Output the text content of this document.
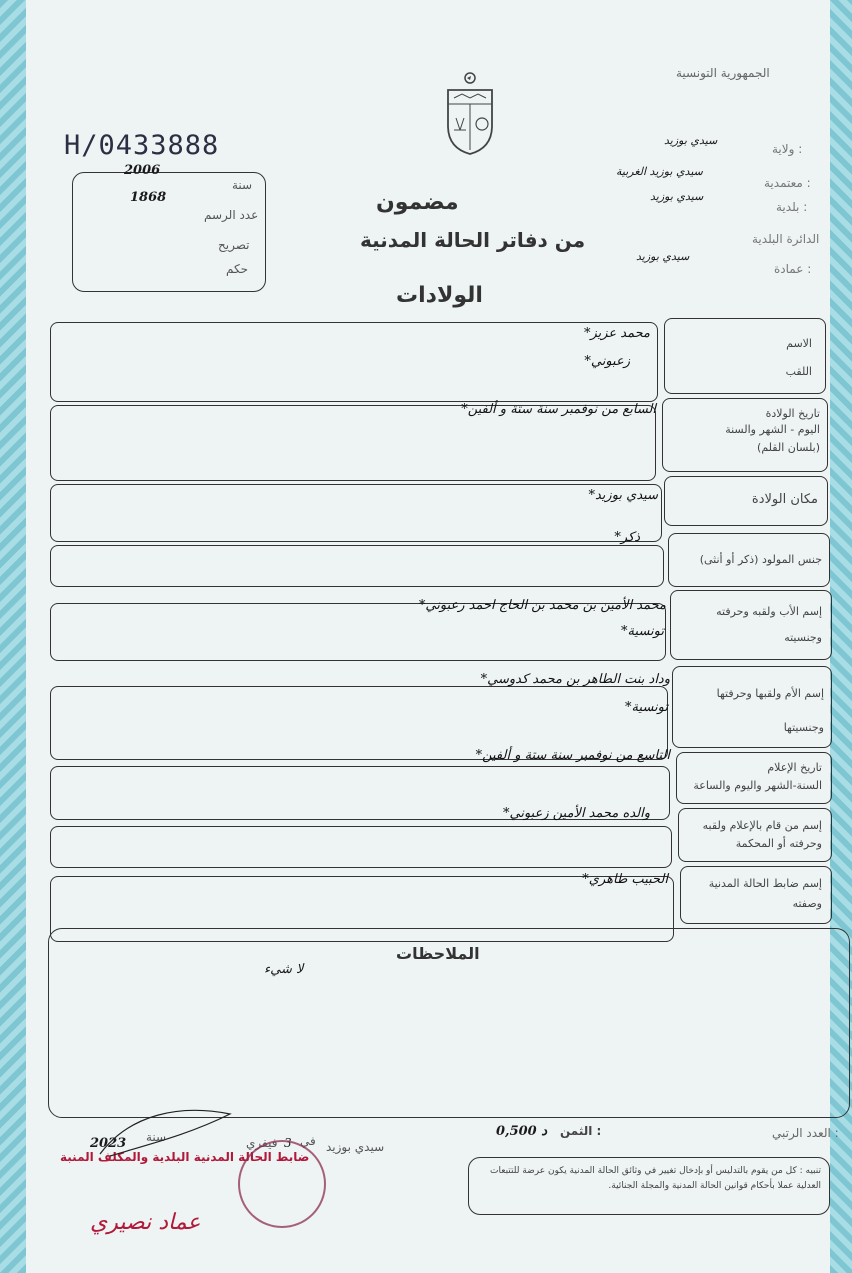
الجمهورية التونسية
H/0433888
2006
1868
سنة
عدد الرسم
تصريح
حكم
ولاية :
سيدي بوزيد
معتمدية :
سيدي بوزيد الغربية
بلدية :
سيدي بوزيد
الدائرة البلدية
عمادة :
سيدي بوزيد
مضمون
من دفاتر الحالة المدنية
الولادات
الاسم
اللقب
محمد عزيز*
زعبوني*
تاريخ الولادة
اليوم - الشهر والسنة
(بلسان القلم)
السابع من نوفمبر سنة ستة و ألفين*
مكان الولادة
سيدي بوزيد*
جنس المولود (ذكر أو أنثى)
ذكر*
إسم الأب ولقبه وحرفته
وجنسيته
محمد الأمين بن محمد بن الحاج احمد زعبوني*
تونسية*
إسم الأم ولقبها وحرفتها
وجنسيتها
وداد بنت الطاهر بن محمد كدوسي*
تونسية*
تاريخ الإعلام
السنة-الشهر واليوم والساعة
التاسع من نوفمبر سنة ستة و ألفين*
إسم من قام بالإعلام ولقبه
وحرفته أو المحكمة
والده محمد الأمين زعبوني*
إسم ضابط الحالة المدنية
وصفته
الحبيب طاهري*
الملاحظات
لا شيء
العدد الرتبي :
الثمن :
0,500 د
سيدي بوزيد
في
3
فيفري
سنة
2023
ضابط الحالة المدنية البلدية والمكلف المنبة
عماد نصيري
تنبيه : كل من يقوم بالتدليس أو بإدخال تغيير في وثائق الحالة المدنية يكون عرضة للتتبعات العدلية عملا بأحكام قوانين الحالة المدنية والمجلة الجنائية.
